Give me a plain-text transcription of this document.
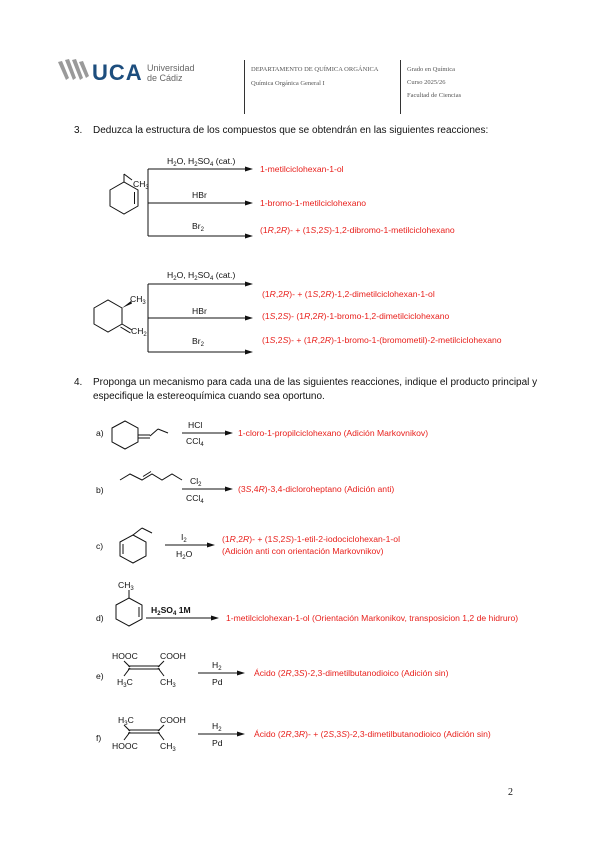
UCA Universidad
de Cádiz
DEPARTAMENTO DE QUÍMICA ORGÁNICA
Química Orgánica General I
Grado en Química
Curso 2025/26
Facultad de Ciencias
3. Deduzca la estructura de los compuestos que se obtendrán en las siguientes reacciones:
$CH_3$
$H_2O$, $H_2SO_4$ (cat.)
HBr
$Br_2$
1-metilciclohexan-1-ol
1-bromo-1-metilciclohexano
(1R,2R)- + (1S,2S)-1,2-dibromo-1-metilciclohexano
$CH_3$
$CH_2$
$H_2O$, $H_2SO_4$ (cat.)
HBr
$Br_2$
(1R,2R)- + (1S,2R)-1,2-dimetilciclohexan-1-ol
(1S,2S)- (1R,2R)-1-bromo-1,2-dimetilciclohexano
(1S,2S)- + (1R,2R)-1-bromo-1-(bromometil)-2-metilciclohexano
4. Proponga un mecanismo para cada una de las siguientes reacciones, indique el producto principal y
especifique la estereoquímica cuando sea oportuno.
a)
HCl
CCl$_4$
1-cloro-1-propilciclohexano (Adición Markovnikov)
b)
$Cl_2$
CCl$_4$
(3S,4R)-3,4-dicloroheptano (Adición anti)
c)
$I_2$
$H_2O$
(1R,2R)- + (1S,2S)-1-etil-2-iodociclohexan-1-ol
(Adición anti con orientación Markovnikov)
d)
$CH_3$
$H_2SO_4$ 1M
1-metilciclohexan-1-ol (Orientación Markonikov, transposicion 1,2 de hidruro)
e)
HOOC	COOH
$H_3C$	$CH_3$
$H_2$
Pd
Ácido (2R,3S)-2,3-dimetilbutanodioico (Adición sin)
f)
$H_3C$	COOH
HOOC	$CH_3$
$H_2$
Pd
Ácido (2R,3R)- + (2S,3S)-2,3-dimetilbutanodioico (Adición sin)
2
